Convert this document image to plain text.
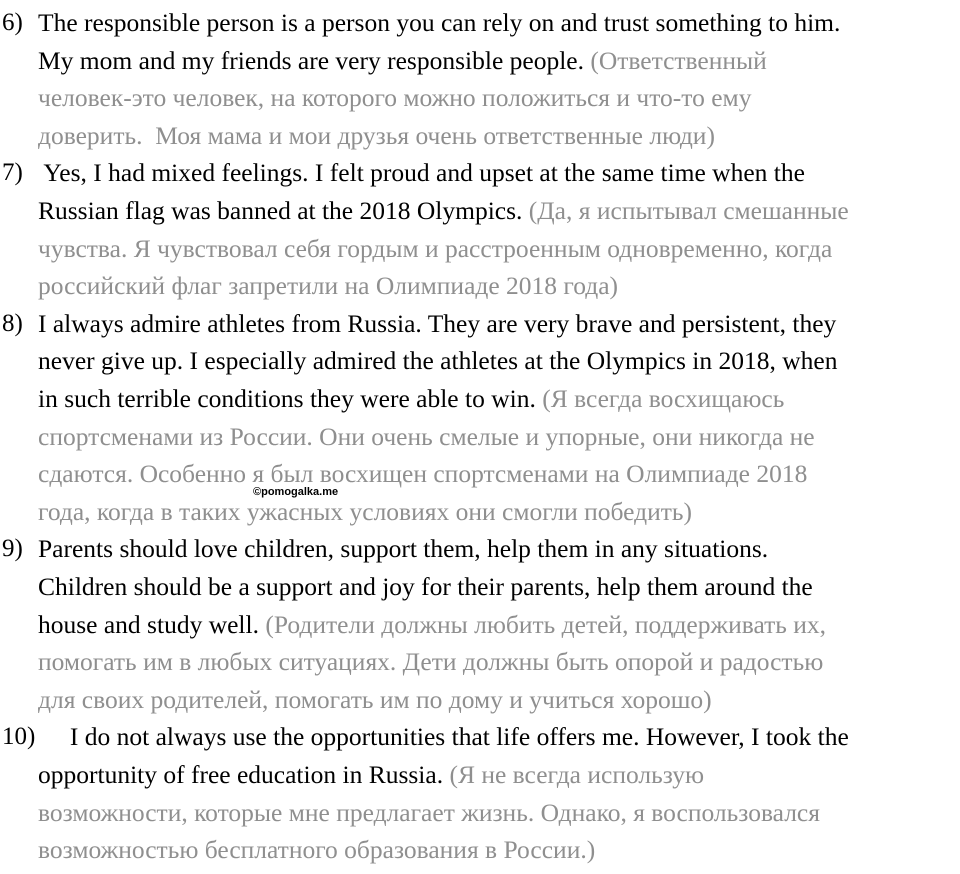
10) I do not always use the opportunities that life offers me. However, I took the
opportunity of free education in Russia. (Я не всегда использую
возможности, которые мне предлагает жизнь. Однако, я воспользовался
возможностью бесплатного образования в России.)
9) Parents should love children, support them, help them in any situations.
Children should be a support and joy for their parents, help them around the
house and study well. (Родители должны любить детей, поддерживать их,
помогать им в любых ситуациях. Дети должны быть опорой и радостью
для своих родителей, помогать им по дому и учиться хорошо)
8) I always admire athletes from Russia. They are very brave and persistent, they
never give up. I especially admired the athletes at the Olympics in 2018, when
in such terrible conditions they were able to win. (Я всегда восхищаюсь
спортсменами из России. Они очень смелые и упорные, они никогда не
сдаются. Особенно я был восхищен спортсменами на Олимпиаде 2018
года, когда в таких ужасных условиях они смогли победить)
7) Yes, I had mixed feelings. I felt proud and upset at the same time when the
Russian flag was banned at the 2018 Olympics. (Да, я испытывал смешанные
чувства. Я чувствовал себя гордым и расстроенным одновременно, когда
российский флаг запретили на Олимпиаде 2018 года)
6) The responsible person is a person you can rely on and trust something to him.
My mom and my friends are very responsible people. (Ответственный
человек-это человек, на которого можно положиться и что-то ему
доверить.  Моя мама и мои друзья очень ответственные люди)
©pomogalka.me
